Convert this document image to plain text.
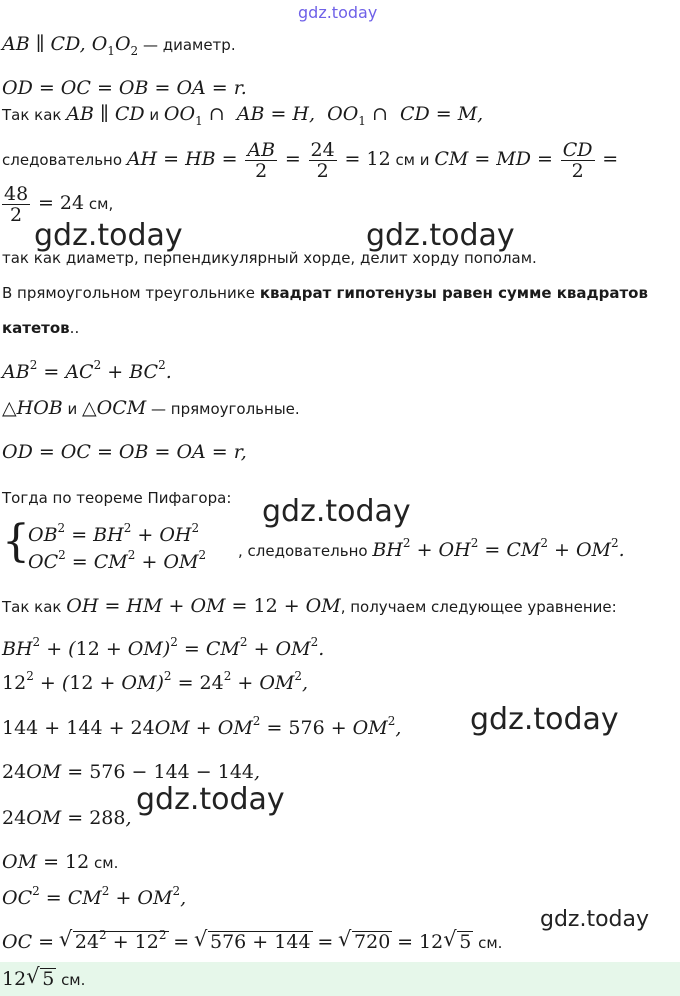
gdz.today
AB ∥ CD, $O_1O_2$ — диаметр.
OD = OC = OB = OA = r.
Так как AB ∥ CD и $OO_1$ ∩  AB = H,  $OO_1$ ∩  CD = M,
следовательно AH = HB = $\frac{AB}{2} = \frac{24}{2} = 12$ см и CM = MD = $\frac{CD}{2}$ =
$\frac{48}{2} = 24$ см,
gdz.today	gdz.today
так как диаметр, перпендикулярный хорде, делит хорду пополам.
В прямоугольном треугольнике квадрат гипотенузы равен сумме квадратов
катетов..
$AB^2 = AC^2 + BC^2$.
△HOB и △OCM — прямоугольные.
OD = OC = OB = OA = r,
Тогда по теореме Пифагора: gdz.today
{
$OB^2 = BH^2 + OH^2$
$OC^2 = CM^2 + OM^2$ , следовательно $BH^2 + OH^2 = CM^2 + OM^2$.
Так как OH = HM + OM = 12 + OM, получаем следующее уравнение:
$BH^2 + (12 + OM)^2 = CM^2 + OM^2$.
$12^2 + (12 + OM)^2 = 24^2 + OM^2$,
gdz.today
$144 + 144 + 24OM + OM^2 = 576 + OM^2$,
24OM = 576 − 144 − 144,
gdz.today
24OM = 288,
OM = 12 см.
$OC^2 = CM^2 + OM^2$,
gdz.today
OC = √ $24^2 + 12^2$ = √ 576 + 144 = √ 720 = 12 √ 5 см.
12 √ 5 см.
